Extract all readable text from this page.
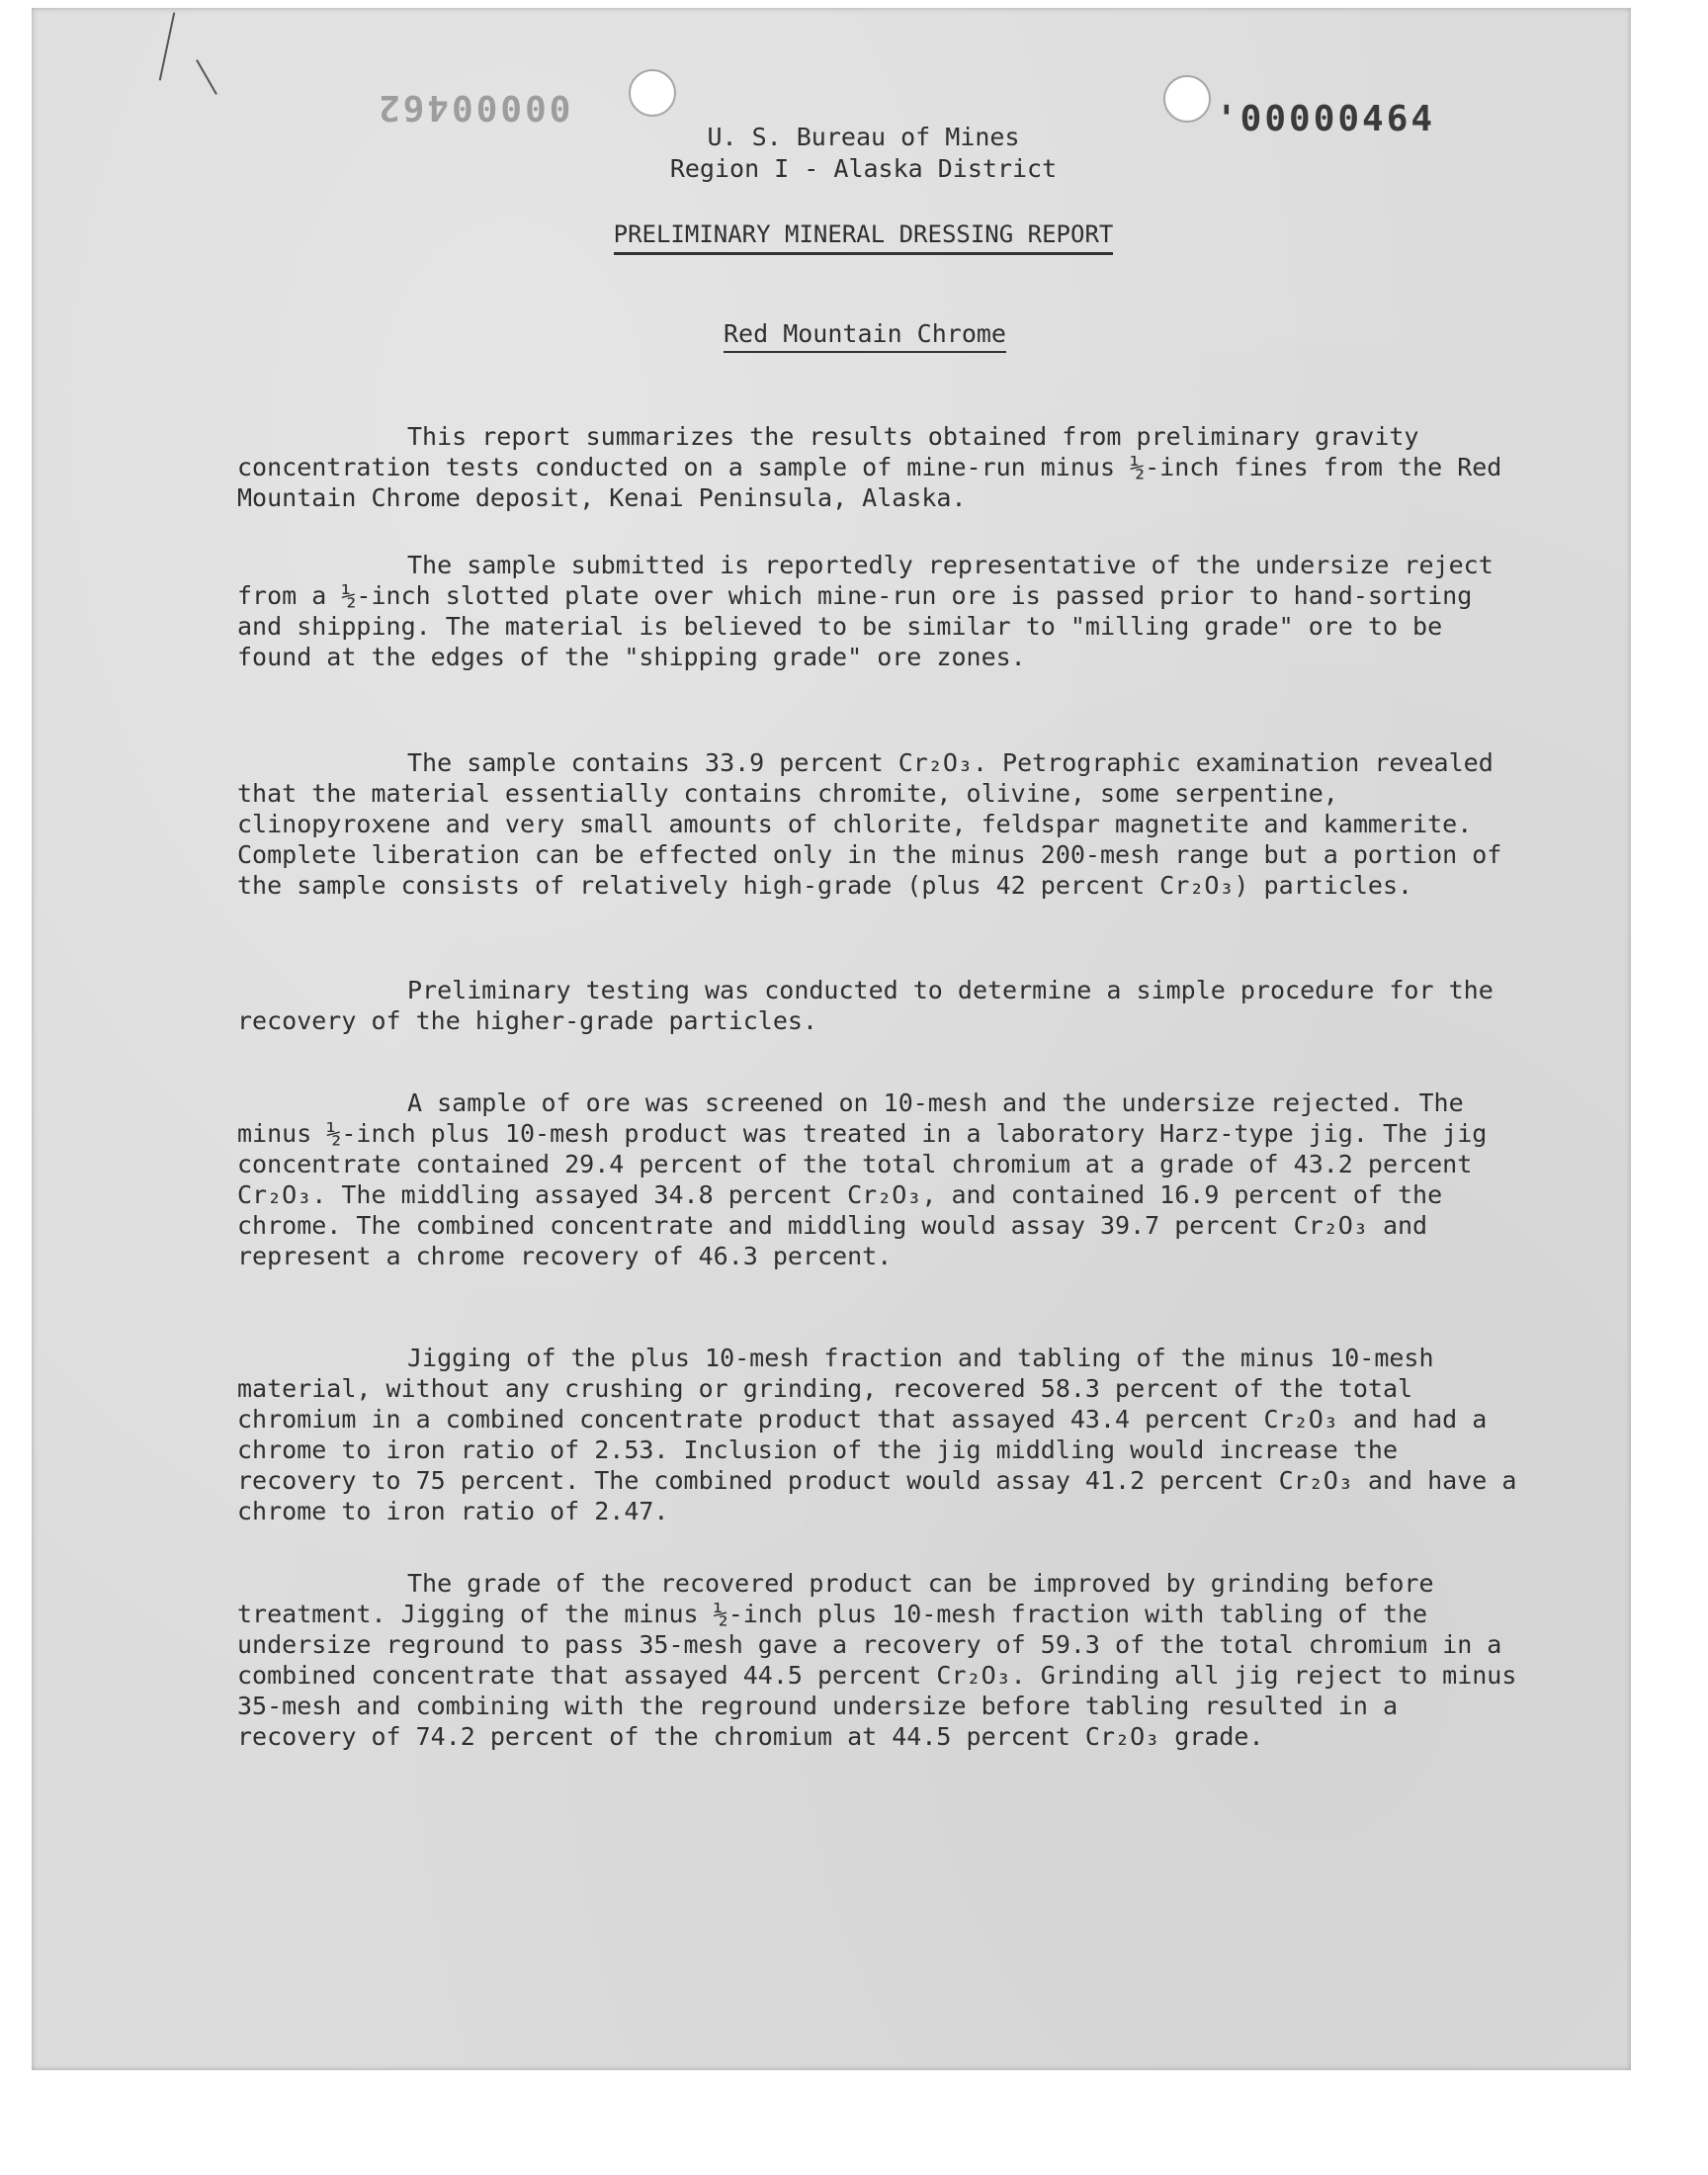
00000462	'00000464
U. S. Bureau of Mines
Region I - Alaska District
PRELIMINARY MINERAL DRESSING REPORT
Red Mountain Chrome

This report summarizes the results obtained from preliminary gravity concentration tests conducted on a sample of mine-run minus ½-inch fines from the Red Mountain Chrome deposit, Kenai Peninsula, Alaska.

The sample submitted is reportedly representative of the undersize reject from a ½-inch slotted plate over which mine-run ore is passed prior to hand-sorting and shipping. The material is believed to be similar to "milling grade" ore to be found at the edges of the "shipping grade" ore zones.

The sample contains 33.9 percent Cr₂O₃. Petrographic examination revealed that the material essentially contains chromite, olivine, some serpentine, clinopyroxene and very small amounts of chlorite, feldspar magnetite and kammerite. Complete liberation can be effected only in the minus 200-mesh range but a portion of the sample consists of relatively high-grade (plus 42 percent Cr₂O₃) particles.

Preliminary testing was conducted to determine a simple procedure for the recovery of the higher-grade particles.

A sample of ore was screened on 10-mesh and the undersize rejected. The minus ½-inch plus 10-mesh product was treated in a laboratory Harz-type jig. The jig concentrate contained 29.4 percent of the total chromium at a grade of 43.2 percent Cr₂O₃. The middling assayed 34.8 percent Cr₂O₃, and contained 16.9 percent of the chrome. The combined concentrate and middling would assay 39.7 percent Cr₂O₃ and represent a chrome recovery of 46.3 percent.

Jigging of the plus 10-mesh fraction and tabling of the minus 10-mesh material, without any crushing or grinding, recovered 58.3 percent of the total chromium in a combined concentrate product that assayed 43.4 percent Cr₂O₃ and had a chrome to iron ratio of 2.53. Inclusion of the jig middling would increase the recovery to 75 percent. The combined product would assay 41.2 percent Cr₂O₃ and have a chrome to iron ratio of 2.47.

The grade of the recovered product can be improved by grinding before treatment. Jigging of the minus ½-inch plus 10-mesh fraction with tabling of the undersize reground to pass 35-mesh gave a recovery of 59.3 of the total chromium in a combined concentrate that assayed 44.5 percent Cr₂O₃. Grinding all jig reject to minus 35-mesh and combining with the reground undersize before tabling resulted in a recovery of 74.2 percent of the chromium at 44.5 percent Cr₂O₃ grade.
